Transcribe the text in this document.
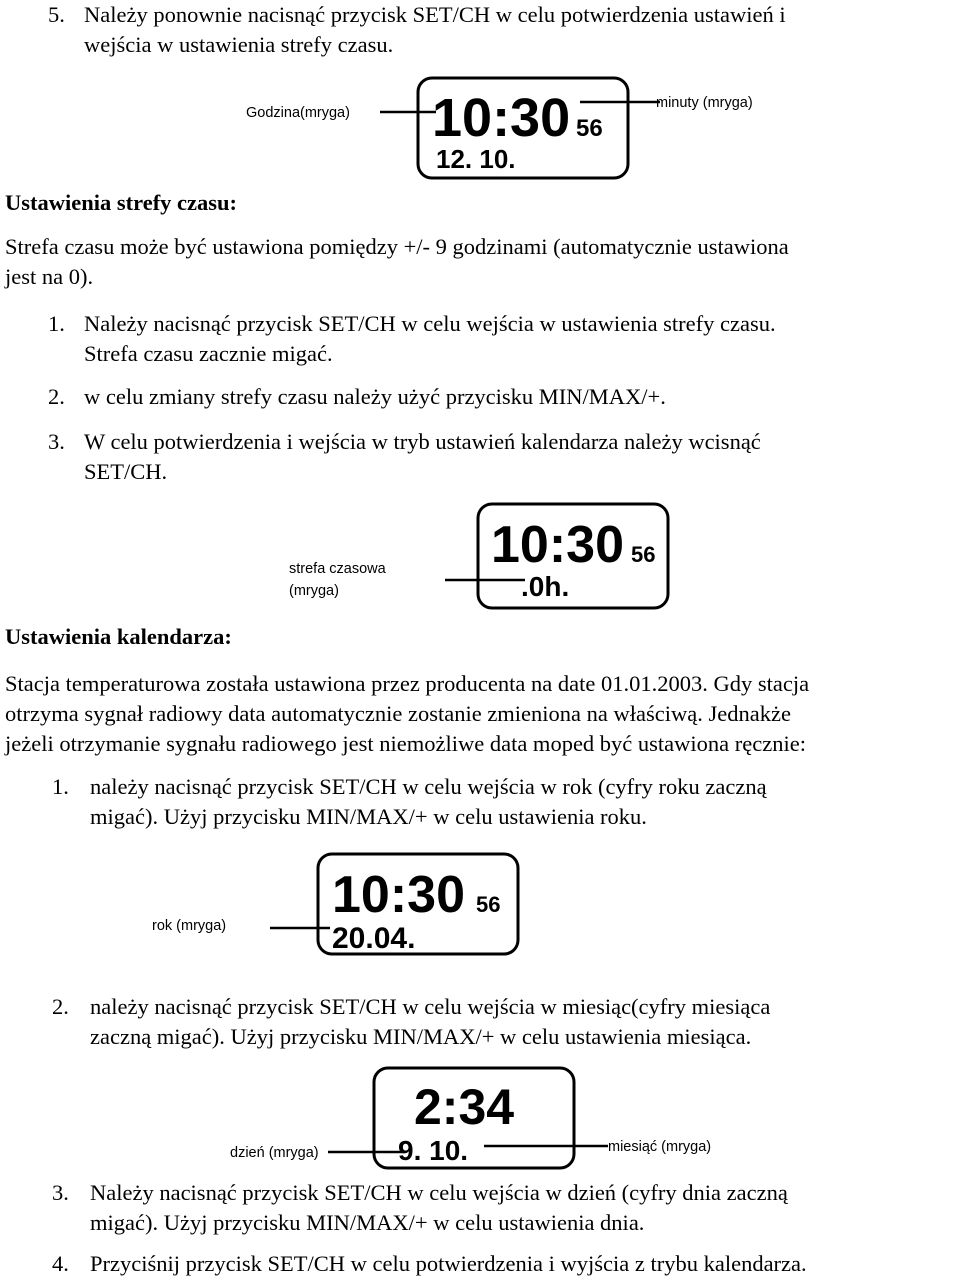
5. Należy ponownie nacisnąć przycisk SET/CH w celu potwierdzenia ustawień i
wejścia w ustawienia strefy czasu.
10:30 56
12. 10.
Godzina(mryga)
minuty (mryga)
Ustawienia strefy czasu:
Strefa czasu może być ustawiona pomiędzy +/- 9 godzinami (automatycznie ustawiona
jest na 0).
1. Należy nacisnąć przycisk SET/CH w celu wejścia w ustawienia strefy czasu.
Strefa czasu zacznie migać.
2. w celu zmiany strefy czasu należy użyć przycisku MIN/MAX/+.
3. W celu potwierdzenia i wejścia w tryb ustawień kalendarza należy wcisnąć
SET/CH.
10:30 56
.0h.
strefa czasowa
(mryga)
Ustawienia kalendarza:
Stacja temperaturowa została ustawiona przez producenta na date 01.01.2003. Gdy stacja
otrzyma sygnał radiowy data automatycznie zostanie zmieniona na właściwą. Jednakże
jeżeli otrzymanie sygnału radiowego jest niemożliwe data moped być ustawiona ręcznie:
1. należy nacisnąć przycisk SET/CH w celu wejścia w rok (cyfry roku zaczną
migać). Użyj przycisku MIN/MAX/+ w celu ustawienia roku.
10:30 56
20.04.
rok (mryga)
2. należy nacisnąć przycisk SET/CH w celu wejścia w miesiąc(cyfry miesiąca
zaczną migać). Użyj przycisku MIN/MAX/+ w celu ustawienia miesiąca.
2:34
9. 10.
dzień (mryga)	miesiąć (mryga)
3. Należy nacisnąć przycisk SET/CH w celu wejścia w dzień (cyfry dnia zaczną
migać). Użyj przycisku MIN/MAX/+ w celu ustawienia dnia.
4. Przyciśnij przycisk SET/CH w celu potwierdzenia i wyjścia z trybu kalendarza.
